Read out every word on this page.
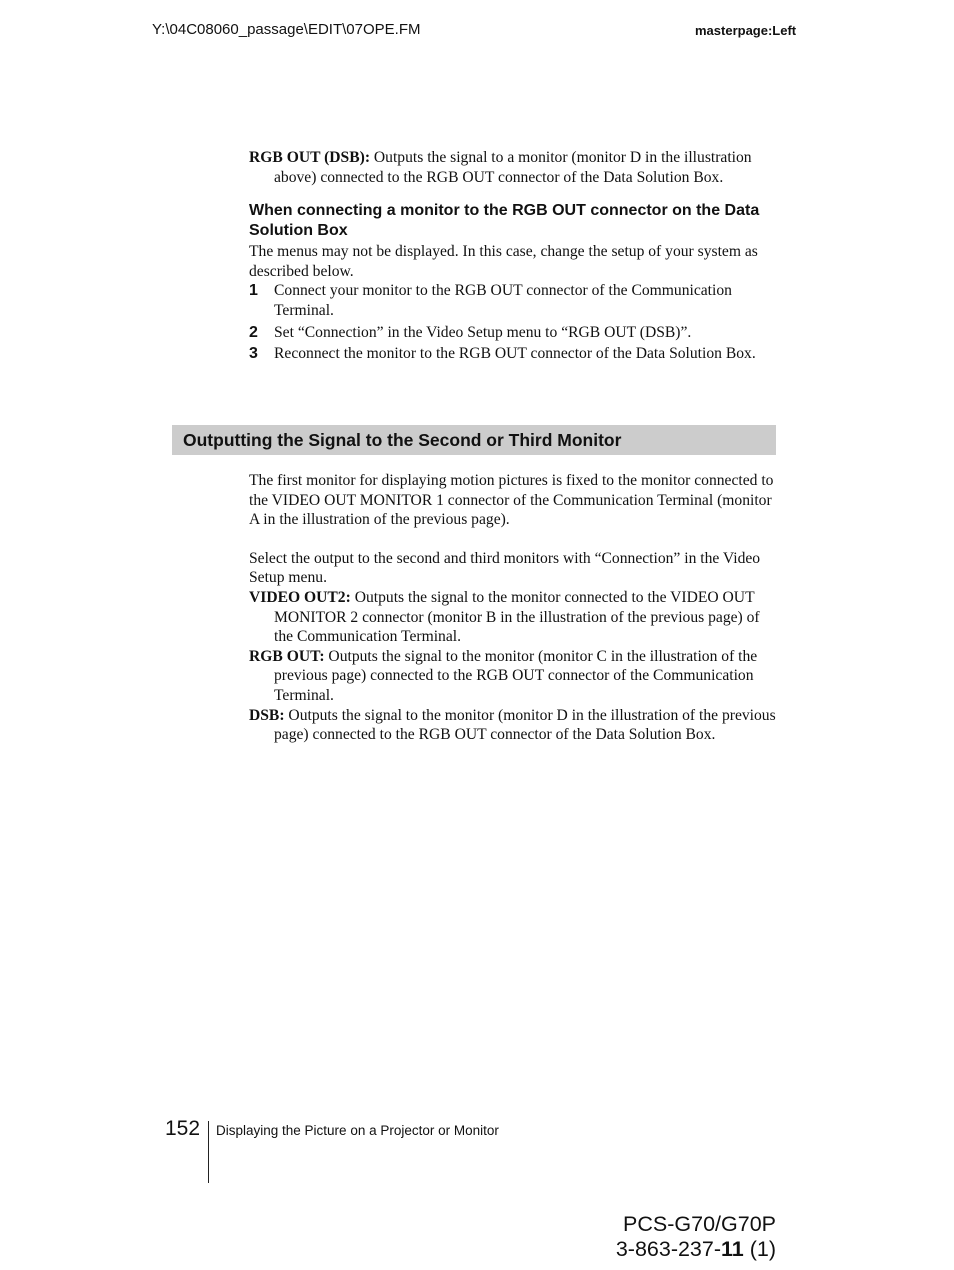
Y:\04C08060_passage\EDIT\07OPE.FM	masterpage:Left
RGB OUT (DSB): Outputs the signal to a monitor (monitor D in the illustration above) connected to the RGB OUT connector of the Data Solution Box.
When connecting a monitor to the RGB OUT connector on the Data Solution Box
The menus may not be displayed. In this case, change the setup of your system as described below.
1 Connect your monitor to the RGB OUT connector of the Communication Terminal.
2 Set “Connection” in the Video Setup menu to “RGB OUT (DSB)”.
3 Reconnect the monitor to the RGB OUT connector of the Data Solution Box.
Outputting the Signal to the Second or Third Monitor
The first monitor for displaying motion pictures is fixed to the monitor connected to the VIDEO OUT MONITOR 1 connector of the Communication Terminal (monitor A in the illustration of the previous page).
Select the output to the second and third monitors with “Connection” in the Video Setup menu.
VIDEO OUT2: Outputs the signal to the monitor connected to the VIDEO OUT MONITOR 2 connector (monitor B in the illustration of the previous page) of the Communication Terminal.
RGB OUT: Outputs the signal to the monitor (monitor C in the illustration of the previous page) connected to the RGB OUT connector of the Communication Terminal.
DSB: Outputs the signal to the monitor (monitor D in the illustration of the previous page) connected to the RGB OUT connector of the Data Solution Box.
152 Displaying the Picture on a Projector or Monitor
PCS-G70/G70P
3-863-237-11 (1)
